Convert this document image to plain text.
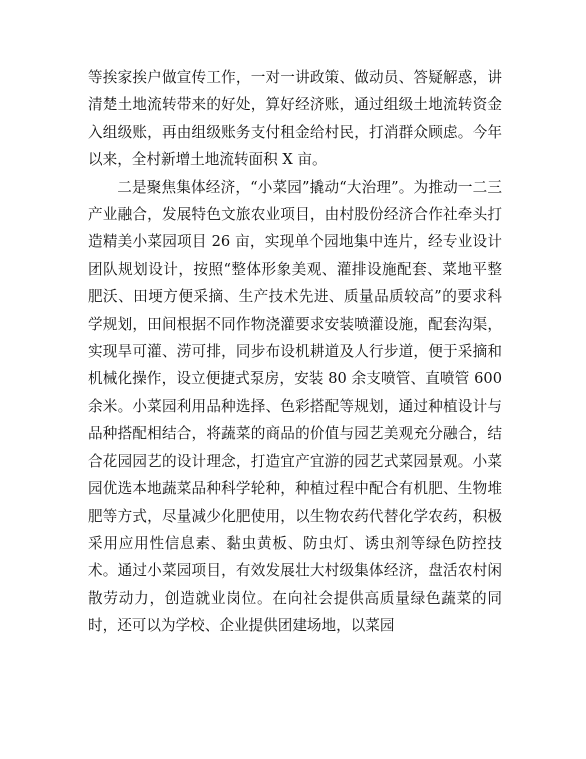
等挨家挨户做宣传工作，一对一讲政策、做动员、答疑解惑，讲清楚土地流转带来的好处，算好经济账，通过组级土地流转资金入组级账，再由组级账务支付租金给村民，打消群众顾虑。今年以来，全村新增土地流转面积 X 亩。

二是聚焦集体经济，“小菜园”撬动“大治理”。为推动一二三产业融合，发展特色文旅农业项目，由村股份经济合作社牵头打造精美小菜园项目 26 亩，实现单个园地集中连片，经专业设计团队规划设计，按照“整体形象美观、灌排设施配套、菜地平整肥沃、田埂方便采摘、生产技术先进、质量品质较高”的要求科学规划，田间根据不同作物浇灌要求安装喷灌设施，配套沟渠，实现旱可灌、涝可排，同步布设机耕道及人行步道，便于采摘和机械化操作，设立便捷式泵房，安装 80 余支喷管、直喷管 600 余米。小菜园利用品种选择、色彩搭配等规划，通过种植设计与品种搭配相结合，将蔬菜的商品的价值与园艺美观充分融合，结合花园园艺的设计理念，打造宜产宜游的园艺式菜园景观。小菜园优选本地蔬菜品种科学轮种，种植过程中配合有机肥、生物堆肥等方式，尽量减少化肥使用，以生物农药代替化学农药，积极采用应用性信息素、黏虫黄板、防虫灯、诱虫剂等绿色防控技术。通过小菜园项目，有效发展壮大村级集体经济，盘活农村闲散劳动力，创造就业岗位。在向社会提供高质量绿色蔬菜的同时，还可以为学校、企业提供团建场地，以菜园
